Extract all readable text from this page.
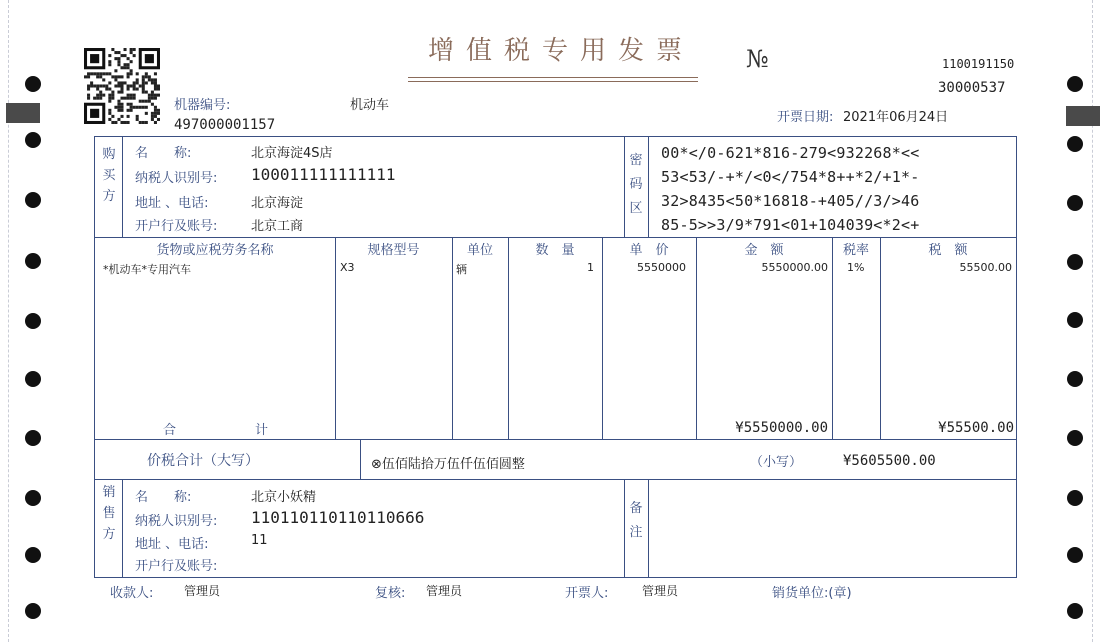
增值税专用发票 №	1100191150
30000537
机器编号:
497000001157
机动车
开票日期: 2021年06月24日
购
买
方
名　　称:	北京海淀4S店
纳税人识别号: 100011111111111
地址 、电话:	北京海淀
开户行及账号:	北京工商
密
码
区
00*</0-621*816-279<932268*<<
53<53/-+*/<0</754*8++*2/+1*-
32>8435<50*16818-+405//3/>46
85-5>>3/9*791<01+104039<*2<+
货物或应税劳务名称	规格型号	单位	数　量	单　价	金　额	税率	税　额
*机动车*专用汽车	X3	辆	1	5550000	5550000.00 1%	55500.00
合	计	¥5550000.00	¥55500.00
价税合计（大写）	⊗伍佰陆拾万伍仟伍佰圆整	（小写）	¥5605500.00
销
售
方
名　　称:	北京小妖精
纳税人识别号: 110110110110110666
地址 、电话:	11
开户行及账号:
备
注
收款人:	管理员	复核: 管理员	开票人:	管理员	销货单位:(章)
